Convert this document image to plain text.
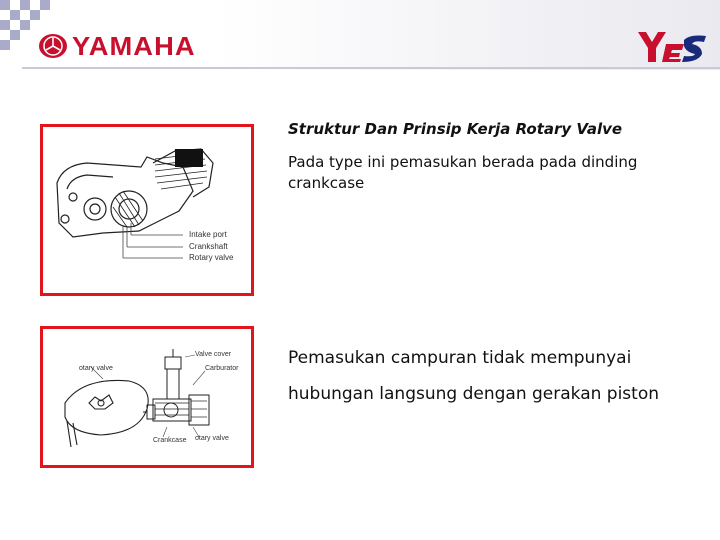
YAMAHA	YES
Intake port
Crankshaft
Rotary valve
otary valve
Valve cover
Carburator
Crankcase otary valve
Struktur Dan Prinsip Kerja Rotary Valve
Pada type ini pemasukan berada pada dinding crankcase
Pemasukan campuran tidak mempunyai hubungan langsung dengan gerakan piston
